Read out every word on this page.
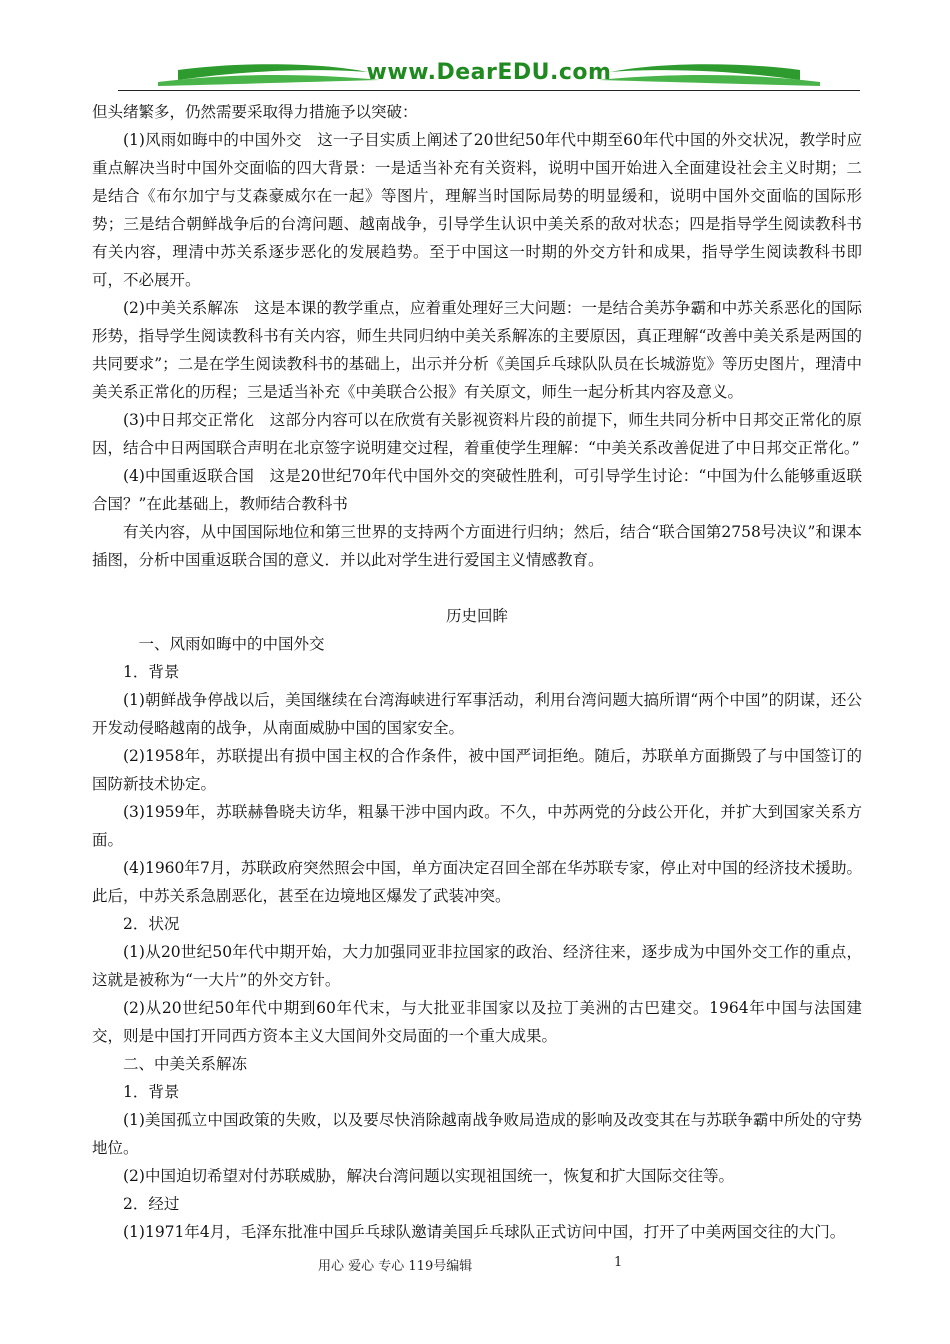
www.DearEDU.com

但头绪繁多，仍然需要采取得力措施予以突破：

(1)风雨如晦中的中国外交　这一子目实质上阐述了20世纪50年代中期至60年代中国的外交状况，教学时应重点解决当时中国外交面临的四大背景：一是适当补充有关资料，说明中国开始进入全面建设社会主义时期；二是结合《布尔加宁与艾森豪威尔在一起》等图片，理解当时国际局势的明显缓和，说明中国外交面临的国际形势；三是结合朝鲜战争后的台湾问题、越南战争，引导学生认识中美关系的敌对状态；四是指导学生阅读教科书有关内容，理清中苏关系逐步恶化的发展趋势。至于中国这一时期的外交方针和成果，指导学生阅读教科书即可，不必展开。

(2)中美关系解冻　这是本课的教学重点，应着重处理好三大问题：一是结合美苏争霸和中苏关系恶化的国际形势，指导学生阅读教科书有关内容，师生共同归纳中美关系解冻的主要原因，真正理解“改善中美关系是两国的共同要求”；二是在学生阅读教科书的基础上，出示并分析《美国乒乓球队队员在长城游览》等历史图片，理清中美关系正常化的历程；三是适当补充《中美联合公报》有关原文，师生一起分析其内容及意义。

(3)中日邦交正常化　这部分内容可以在欣赏有关影视资料片段的前提下，师生共同分析中日邦交正常化的原因，结合中日两国联合声明在北京签字说明建交过程，着重使学生理解：“中美关系改善促进了中日邦交正常化。”

(4)中国重返联合国　这是20世纪70年代中国外交的突破性胜利，可引导学生讨论：“中国为什么能够重返联合国？”在此基础上，教师结合教科书

有关内容，从中国国际地位和第三世界的支持两个方面进行归纳；然后，结合“联合国第2758号决议”和课本插图，分析中国重返联合国的意义．并以此对学生进行爱国主义情感教育。

历史回眸

一、风雨如晦中的中国外交

1．背景

(1)朝鲜战争停战以后，美国继续在台湾海峡进行军事活动，利用台湾问题大搞所谓“两个中国”的阴谋，还公开发动侵略越南的战争，从南面威胁中国的国家安全。

(2)1958年，苏联提出有损中国主权的合作条件，被中国严词拒绝。随后，苏联单方面撕毁了与中国签订的国防新技术协定。

(3)1959年，苏联赫鲁晓夫访华，粗暴干涉中国内政。不久，中苏两党的分歧公开化，并扩大到国家关系方面。

(4)1960年7月，苏联政府突然照会中国，单方面决定召回全部在华苏联专家，停止对中国的经济技术援助。此后，中苏关系急剧恶化，甚至在边境地区爆发了武装冲突。

2．状况

(1)从20世纪50年代中期开始，大力加强同亚非拉国家的政治、经济往来，逐步成为中国外交工作的重点，这就是被称为“一大片”的外交方针。

(2)从20世纪50年代中期到60年代末，与大批亚非国家以及拉丁美洲的古巴建交。1964年中国与法国建交，则是中国打开同西方资本主义大国间外交局面的一个重大成果。

二、中美关系解冻

1．背景

(1)美国孤立中国政策的失败，以及要尽快消除越南战争败局造成的影响及改变其在与苏联争霸中所处的守势地位。

(2)中国迫切希望对付苏联威胁，解决台湾问题以实现祖国统一，恢复和扩大国际交往等。

2．经过

(1)1971年4月，毛泽东批准中国乒乓球队邀请美国乒乓球队正式访问中国，打开了中美两国交往的大门。

用心 爱心 专心 119号编辑	1
